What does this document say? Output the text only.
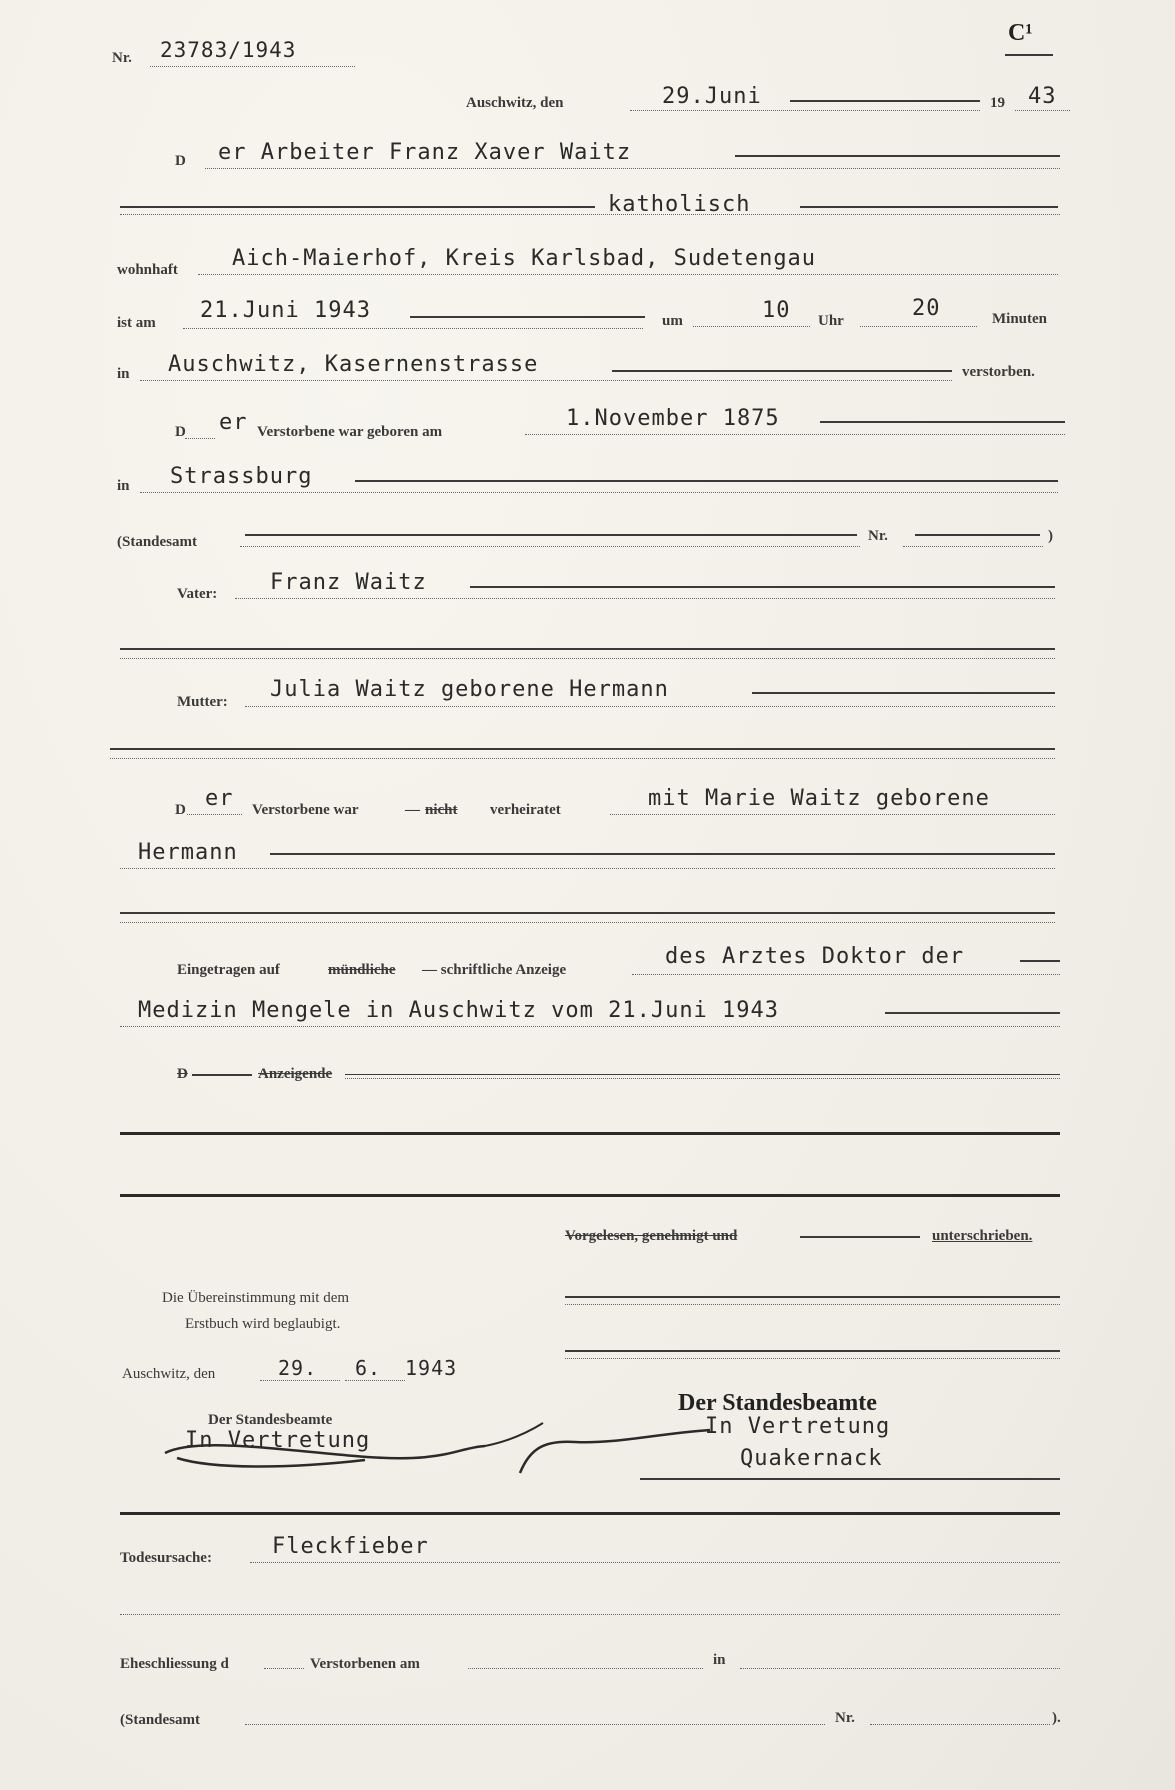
Nr. 23783/1943
C¹
Auschwitz, den	29.Juni	19 43
D er Arbeiter Franz Xaver Waitz
katholisch
wohnhaft Aich-Maierhof, Kreis Karlsbad, Sudetengau
ist am 21.Juni 1943	um	10 Uhr	20	Minuten
in Auschwitz, Kasernenstrasse	verstorben.
D er Verstorbene war geboren am
1.November 1875
in Strassburg
(Standesamt	Nr.	)
Vater: Franz Waitz
Mutter: Julia Waitz geborene Hermann
D er Verstorbene war	— nicht verheiratet	mit Marie Waitz geborene
Hermann
Eingetragen auf	mündliche — schriftliche Anzeige
des Arztes Doktor der
Medizin Mengele in Auschwitz vom 21.Juni 1943
D	Anzeigende
Vorgelesen, genehmigt und	unterschrieben.
Die Übereinstimmung mit dem
Erstbuch wird beglaubigt.
Auschwitz, den	29. 6. 1943
Der Standesbeamte
In Vertretung
Der Standesbeamte
In Vertretung
Quakernack
Todesursache:	Fleckfieber
Eheschliessung d	Verstorbenen am	in
(Standesamt	Nr.	).
